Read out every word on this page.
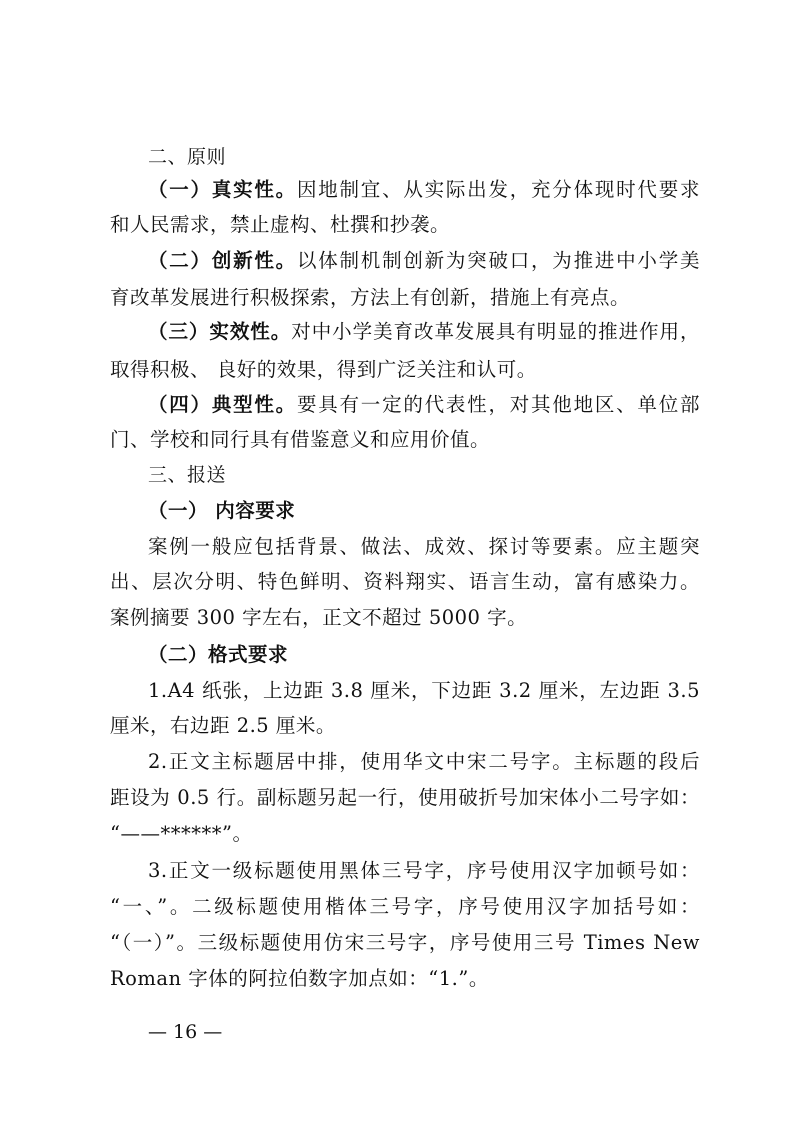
二、原则
（一）真实性。因地制宜、从实际出发，充分体现时代要求
和人民需求，禁止虚构、杜撰和抄袭。
（二）创新性。以体制机制创新为突破口，为推进中小学美
育改革发展进行积极探索，方法上有创新，措施上有亮点。
（三）实效性。对中小学美育改革发展具有明显的推进作用，
取得积极、 良好的效果，得到广泛关注和认可。
（四）典型性。要具有一定的代表性，对其他地区、单位部
门、学校和同行具有借鉴意义和应用价值。
三、报送
（一） 内容要求
案例一般应包括背景、做法、成效、探讨等要素。应主题突
出、层次分明、特色鲜明、资料翔实、语言生动，富有感染力。
案例摘要 300 字左右，正文不超过 5000 字。
（二）格式要求
1.A4 纸张，上边距 3.8 厘米，下边距 3.2 厘米，左边距 3.5
厘米，右边距 2.5 厘米。
2.正文主标题居中排，使用华文中宋二号字。主标题的段后
距设为 0.5 行。副标题另起一行，使用破折号加宋体小二号字如：
“——******”。
3.正文一级标题使用黑体三号字，序号使用汉字加顿号如：
“一、”。二级标题使用楷体三号字，序号使用汉字加括号如：
“（一）”。三级标题使用仿宋三号字，序号使用三号 Times New
Roman 字体的阿拉伯数字加点如：“1.”。
— 16 —
